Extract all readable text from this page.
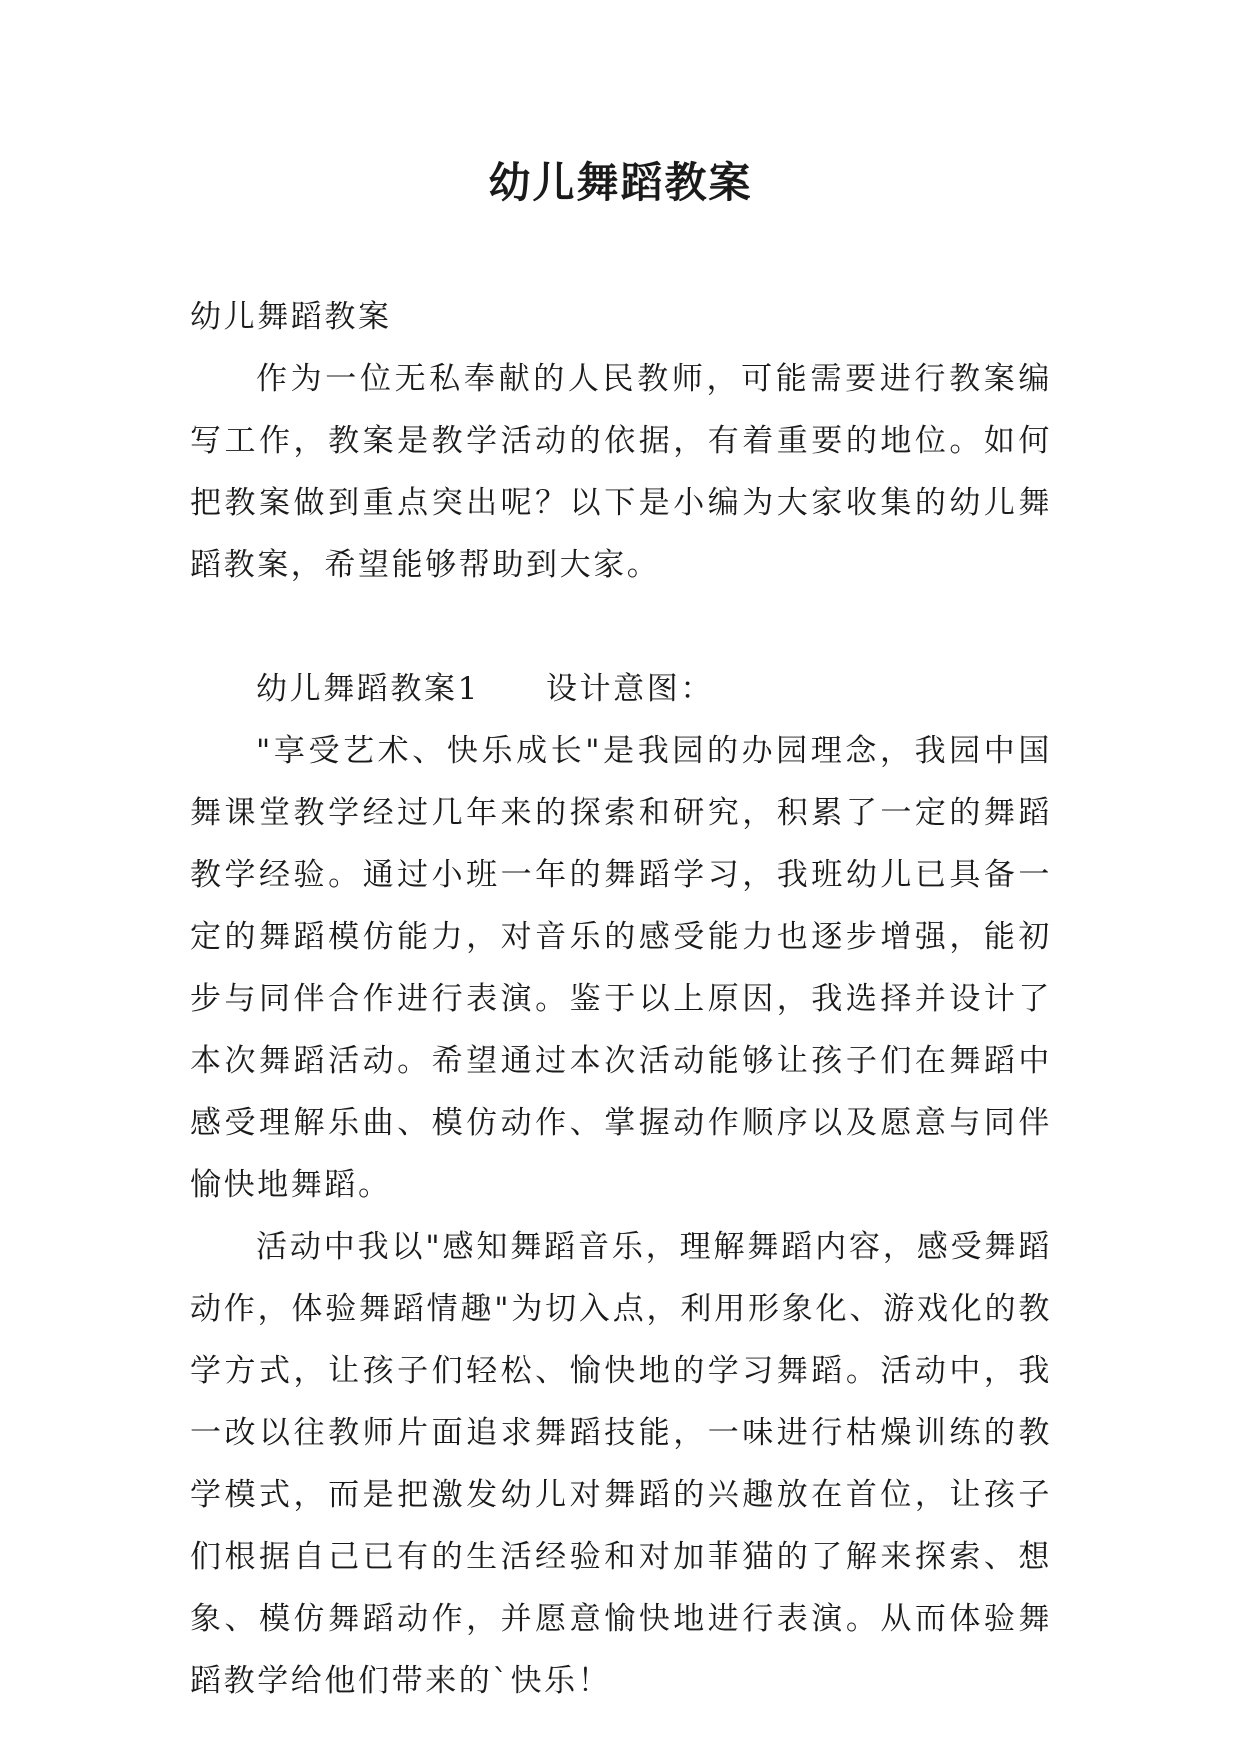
幼儿舞蹈教案

幼儿舞蹈教案

作为一位无私奉献的人民教师，可能需要进行教案编写工作，教案是教学活动的依据，有着重要的地位。如何把教案做到重点突出呢？以下是小编为大家收集的幼儿舞蹈教案，希望能够帮助到大家。

幼儿舞蹈教案1 设计意图：

"享受艺术、快乐成长"是我园的办园理念，我园中国舞课堂教学经过几年来的探索和研究，积累了一定的舞蹈教学经验。通过小班一年的舞蹈学习，我班幼儿已具备一定的舞蹈模仿能力，对音乐的感受能力也逐步增强，能初步与同伴合作进行表演。鉴于以上原因，我选择并设计了本次舞蹈活动。希望通过本次活动能够让孩子们在舞蹈中感受理解乐曲、模仿动作、掌握动作顺序以及愿意与同伴愉快地舞蹈。

活动中我以"感知舞蹈音乐，理解舞蹈内容，感受舞蹈动作，体验舞蹈情趣"为切入点，利用形象化、游戏化的教学方式，让孩子们轻松、愉快地的学习舞蹈。活动中，我一改以往教师片面追求舞蹈技能，一味进行枯燥训练的教学模式，而是把激发幼儿对舞蹈的兴趣放在首位，让孩子们根据自己已有的生活经验和对加菲猫的了解来探索、想象、模仿舞蹈动作，并愿意愉快地进行表演。从而体验舞蹈教学给他们带来的`快乐！
